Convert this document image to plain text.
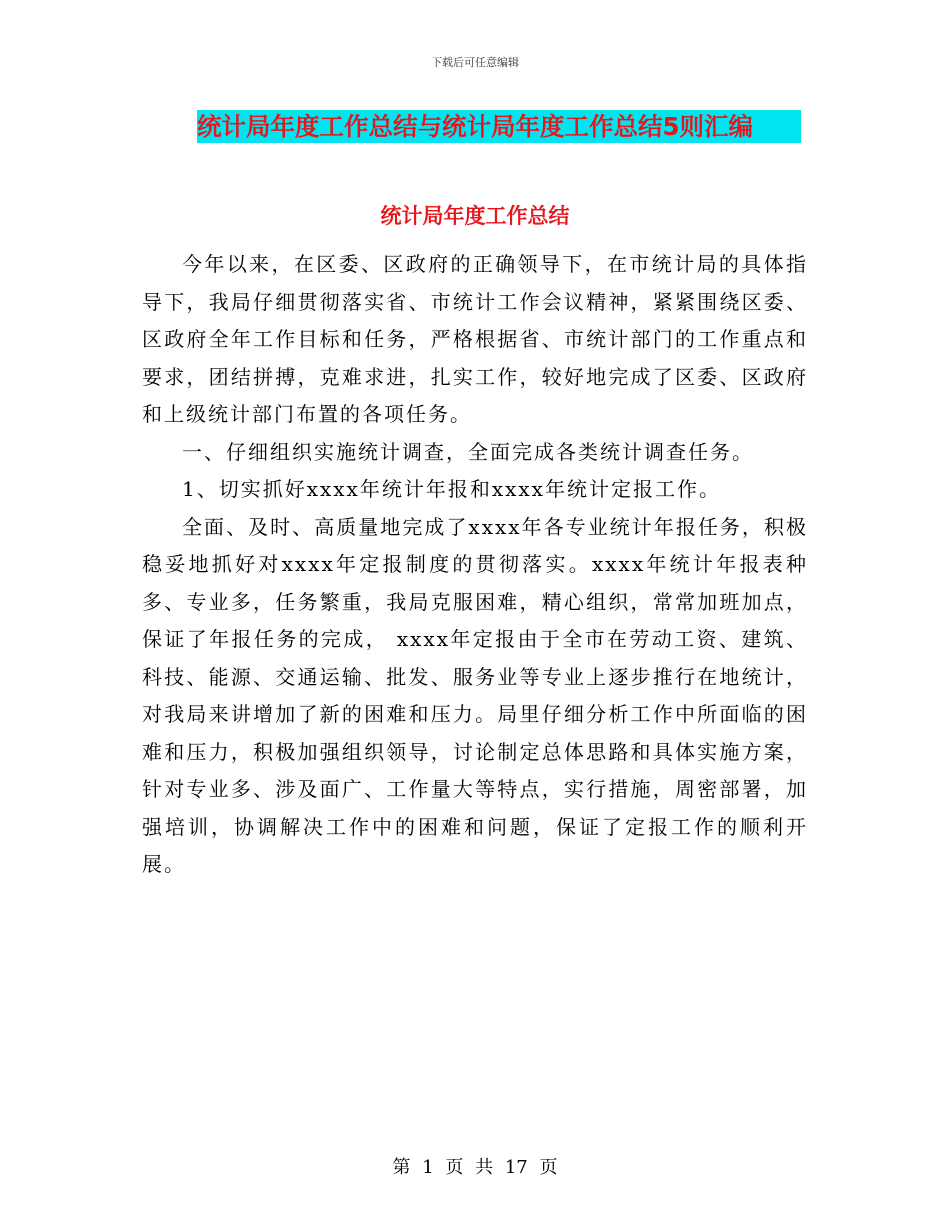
下载后可任意编辑
统计局年度工作总结与统计局年度工作总结5则汇编
统计局年度工作总结

今年以来，在区委、区政府的正确领导下，在市统计局的具体指导下，我局仔细贯彻落实省、市统计工作会议精神，紧紧围绕区委、区政府全年工作目标和任务，严格根据省、市统计部门的工作重点和要求，团结拼搏，克难求进，扎实工作，较好地完成了区委、区政府和上级统计部门布置的各项任务。

一、仔细组织实施统计调查，全面完成各类统计调查任务。

1、切实抓好xxxx年统计年报和xxxx年统计定报工作。

全面、及时、高质量地完成了xxxx年各专业统计年报任务，积极稳妥地抓好对xxxx年定报制度的贯彻落实。xxxx年统计年报表种多、专业多，任务繁重，我局克服困难，精心组织，常常加班加点，保证了年报任务的完成， xxxx年定报由于全市在劳动工资、建筑、科技、能源、交通运输、批发、服务业等专业上逐步推行在地统计，对我局来讲增加了新的困难和压力。局里仔细分析工作中所面临的困难和压力，积极加强组织领导，讨论制定总体思路和具体实施方案，针对专业多、涉及面广、工作量大等特点，实行措施，周密部署，加强培训，协调解决工作中的困难和问题，保证了定报工作的顺利开展。

第 1 页 共 17 页
